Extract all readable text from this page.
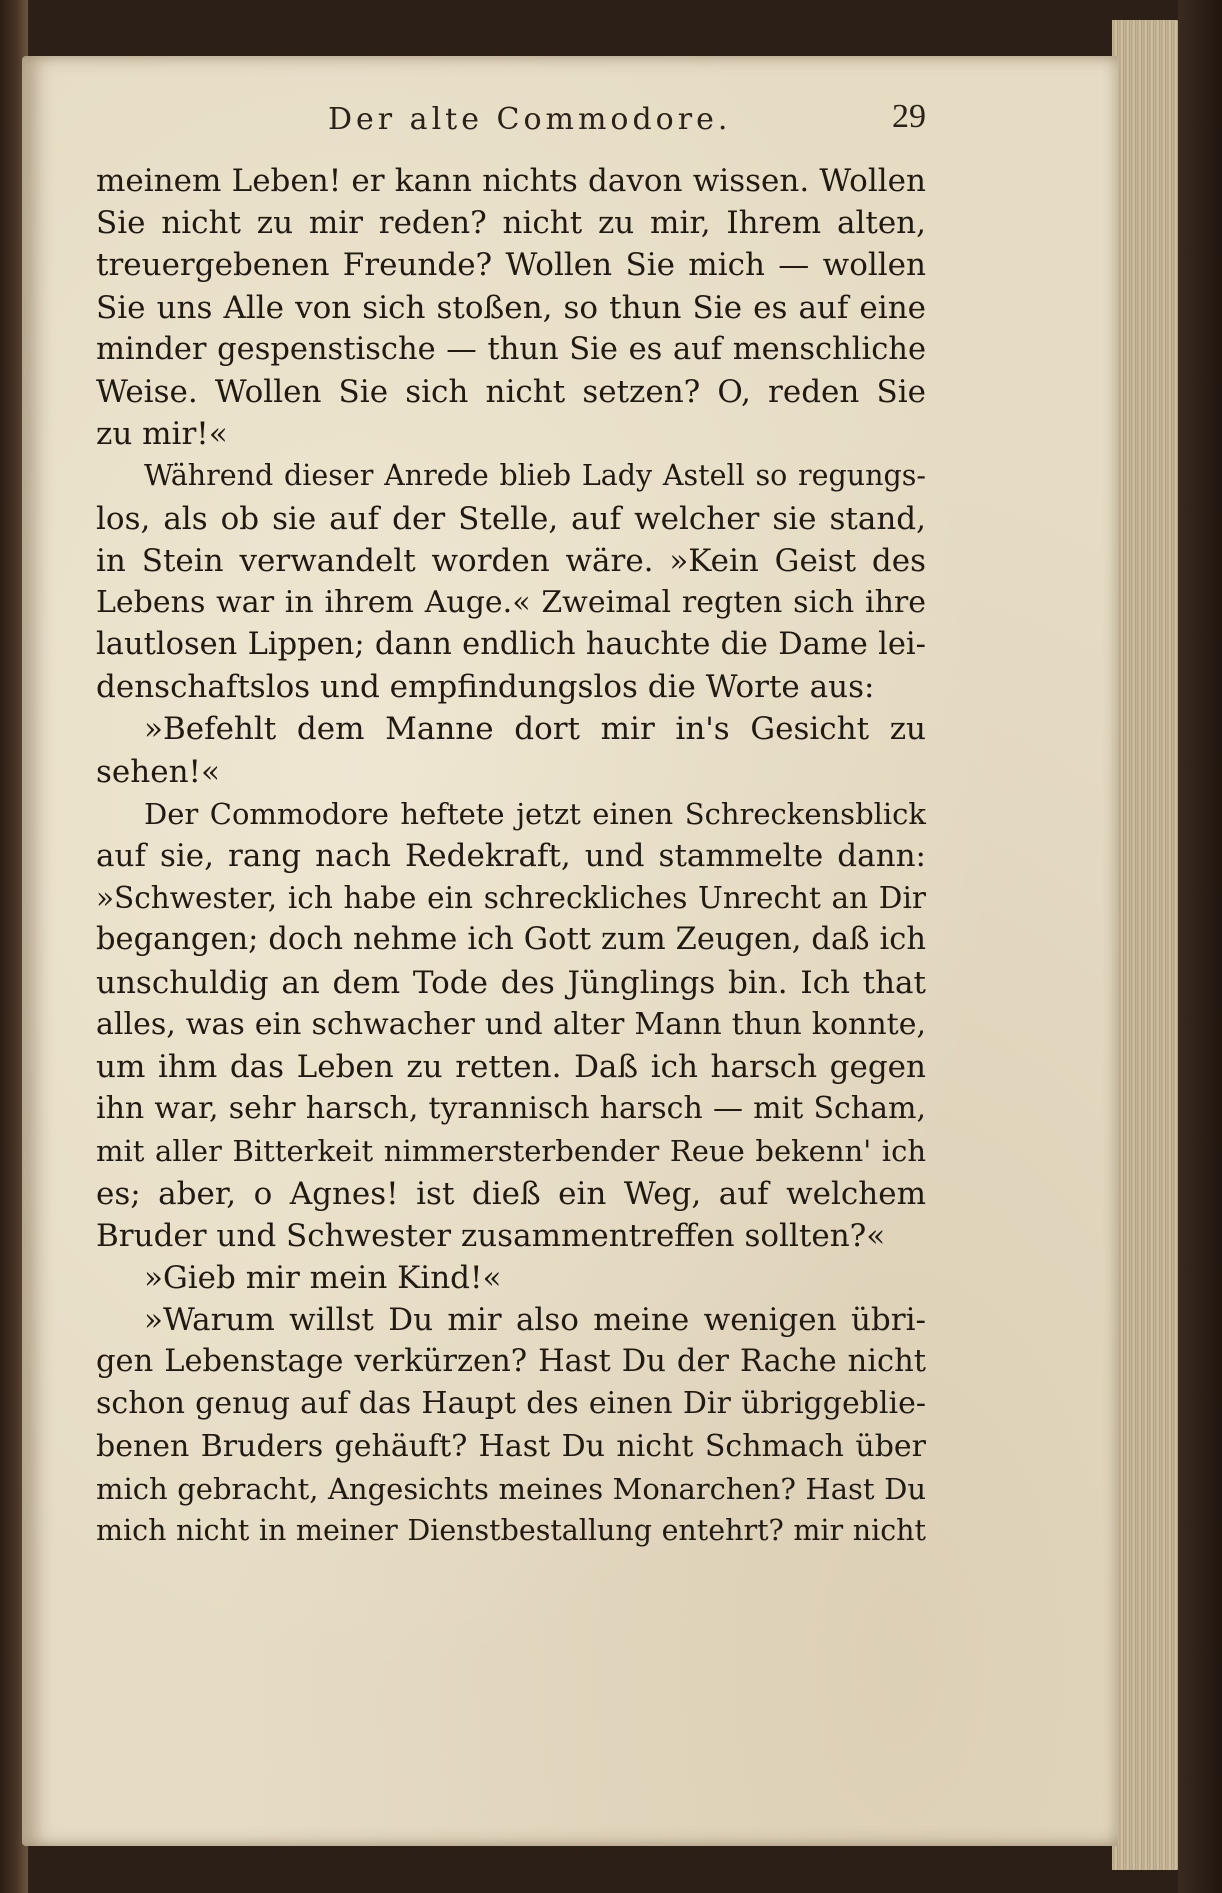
Der alte Commodore.	29
meinem Leben! er kann nichts davon wissen. Wollen
Sie nicht zu mir reden? nicht zu mir, Ihrem alten,
treuergebenen Freunde? Wollen Sie mich — wollen
Sie uns Alle von sich stoßen, so thun Sie es auf eine
minder gespenstische — thun Sie es auf menschliche
Weise. Wollen Sie sich nicht setzen? O, reden Sie
zu mir!«
Während dieser Anrede blieb Lady Astell so regungs-
los, als ob sie auf der Stelle, auf welcher sie stand,
in Stein verwandelt worden wäre. »Kein Geist des
Lebens war in ihrem Auge.« Zweimal regten sich ihre
lautlosen Lippen; dann endlich hauchte die Dame lei-
denschaftslos und empfindungslos die Worte aus:
»Befehlt dem Manne dort mir in's Gesicht zu
sehen!«
Der Commodore heftete jetzt einen Schreckensblick
auf sie, rang nach Redekraft, und stammelte dann:
»Schwester, ich habe ein schreckliches Unrecht an Dir
begangen; doch nehme ich Gott zum Zeugen, daß ich
unschuldig an dem Tode des Jünglings bin. Ich that
alles, was ein schwacher und alter Mann thun konnte,
um ihm das Leben zu retten. Daß ich harsch gegen
ihn war, sehr harsch, tyrannisch harsch — mit Scham,
mit aller Bitterkeit nimmersterbender Reue bekenn' ich
es; aber, o Agnes! ist dieß ein Weg, auf welchem
Bruder und Schwester zusammentreffen sollten?«
»Gieb mir mein Kind!«
»Warum willst Du mir also meine wenigen übri-
gen Lebenstage verkürzen? Hast Du der Rache nicht
schon genug auf das Haupt des einen Dir übriggeblie-
benen Bruders gehäuft? Hast Du nicht Schmach über
mich gebracht, Angesichts meines Monarchen? Hast Du
mich nicht in meiner Dienstbestallung entehrt? mir nicht
